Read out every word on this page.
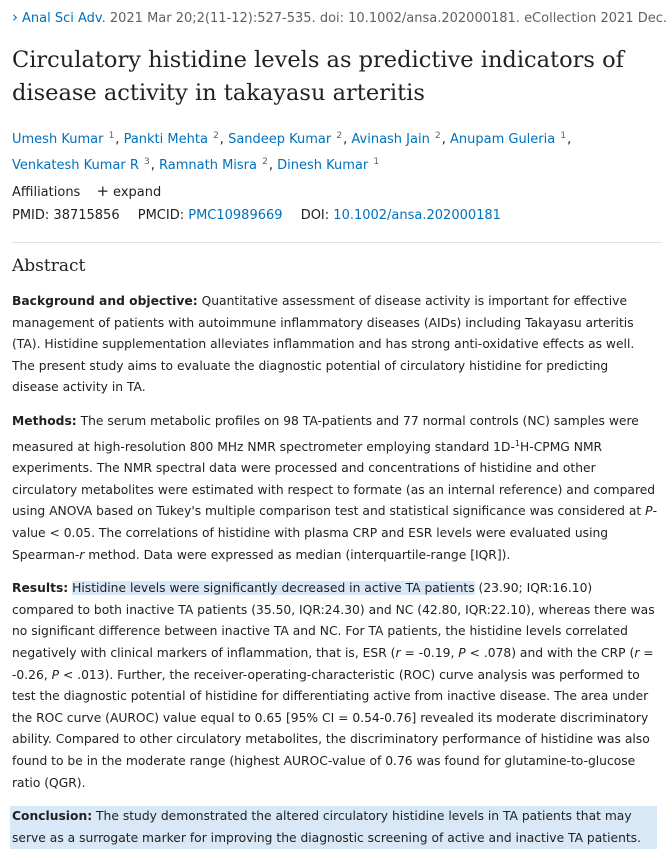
› Anal Sci Adv. 2021 Mar 20;2(11-12):527-535. doi: 10.1002/ansa.202000181. eCollection 2021 Dec.
Circulatory histidine levels as predictive indicators of disease activity in takayasu arteritis
Umesh Kumar $^1$, Pankti Mehta $^2$, Sandeep Kumar $^2$, Avinash Jain $^2$, Anupam Guleria $^1$,
Venkatesh Kumar R $^3$, Ramnath Misra $^2$, Dinesh Kumar $^1$
Affiliations + expand
PMID: 38715856 PMCID: PMC10989669 DOI: 10.1002/ansa.202000181
Abstract

Background and objective: Quantitative assessment of disease activity is important for effective management of patients with autoimmune inflammatory diseases (AIDs) including Takayasu arteritis (TA). Histidine supplementation alleviates inflammation and has strong anti-oxidative effects as well. The present study aims to evaluate the diagnostic potential of circulatory histidine for predicting disease activity in TA.

Methods: The serum metabolic profiles on 98 TA-patients and 77 normal controls (NC) samples were measured at high-resolution 800 MHz NMR spectrometer employing standard 1D-$^1$H-CPMG NMR experiments. The NMR spectral data were processed and concentrations of histidine and other circulatory metabolites were estimated with respect to formate (as an internal reference) and compared using ANOVA based on Tukey's multiple comparison test and statistical significance was considered at P-value < 0.05. The correlations of histidine with plasma CRP and ESR levels were evaluated using Spearman-r method. Data were expressed as median (interquartile-range [IQR]).

Results: Histidine levels were significantly decreased in active TA patients (23.90; IQR:16.10) compared to both inactive TA patients (35.50, IQR:24.30) and NC (42.80, IQR:22.10), whereas there was no significant difference between inactive TA and NC. For TA patients, the histidine levels correlated negatively with clinical markers of inflammation, that is, ESR (r = -0.19, P < .078) and with the CRP (r = -0.26, P < .013). Further, the receiver-operating-characteristic (ROC) curve analysis was performed to test the diagnostic potential of histidine for differentiating active from inactive disease. The area under the ROC curve (AUROC) value equal to 0.65 [95% CI = 0.54-0.76] revealed its moderate discriminatory ability. Compared to other circulatory metabolites, the discriminatory performance of histidine was also found to be in the moderate range (highest AUROC-value of 0.76 was found for glutamine-to-glucose ratio (QGR).

Conclusion: The study demonstrated the altered circulatory histidine levels in TA patients that may serve as a surrogate marker for improving the diagnostic screening of active and inactive TA patients.
